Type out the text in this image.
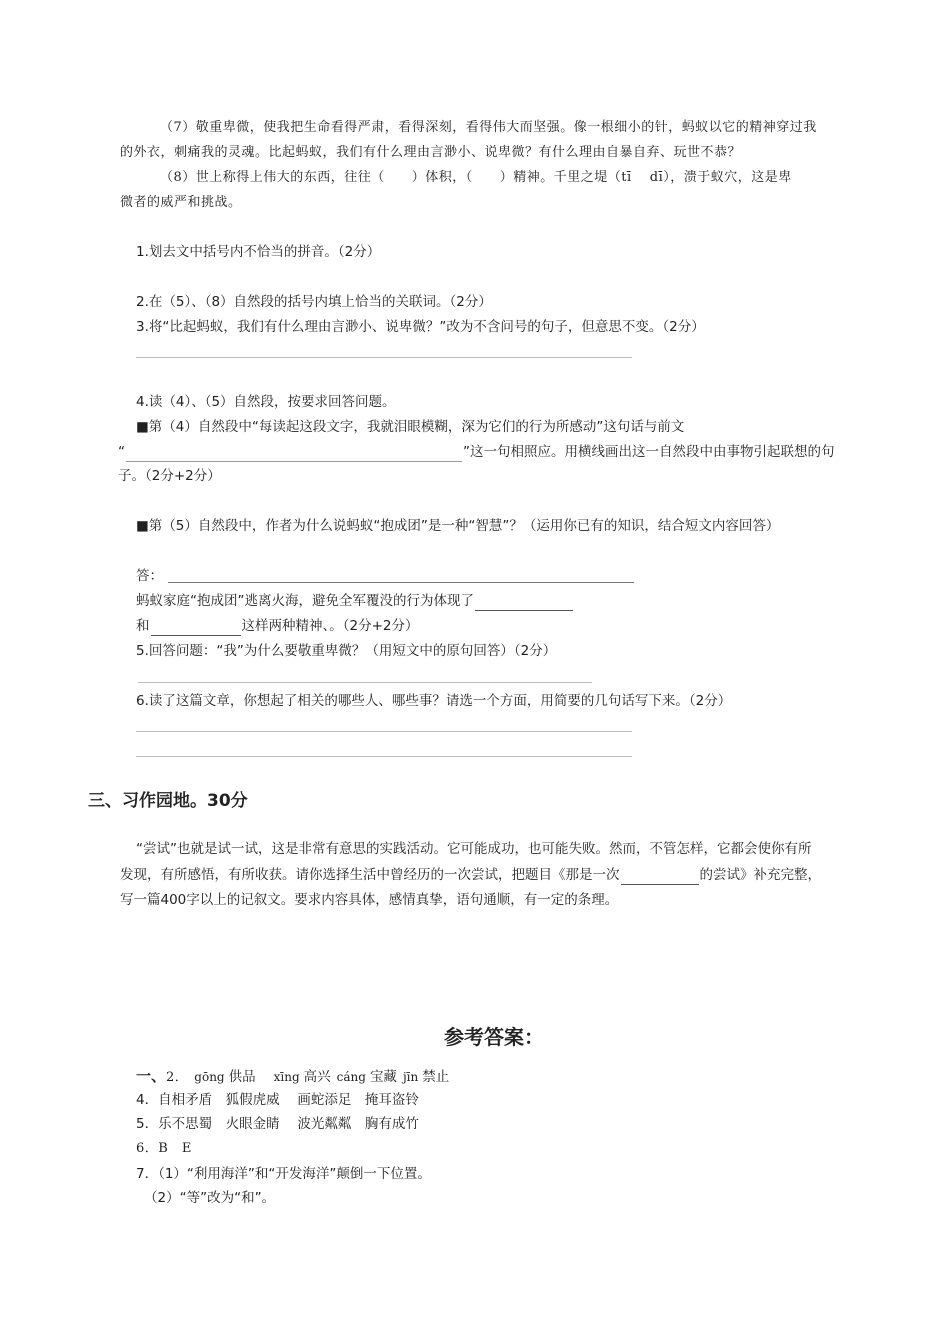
（7）敬重卑微，使我把生命看得严肃，看得深刻，看得伟大而坚强。像一根细小的针，蚂蚁以它的精神穿过我
的外衣，刺痛我的灵魂。比起蚂蚁，我们有什么理由言渺小、说卑微？有什么理由自暴自弃、玩世不恭？
（8）世上称得上伟大的东西，往往（　　）体积，（　　）精神。千里之堤（tī　 dī），溃于蚁穴，这是卑
微者的威严和挑战。
1.划去文中括号内不恰当的拼音。（2分）
2.在（5）、（8）自然段的括号内填上恰当的关联词。（2分）
3.将“比起蚂蚁，我们有什么理由言渺小、说卑微？”改为不含问号的句子，但意思不变。（2分）
4.读（4）、（5）自然段，按要求回答问题。
■第（4）自然段中“每读起这段文字，我就泪眼模糊，深为它们的行为所感动”这句话与前文
“	”这一句相照应。用横线画出这一自然段中由事物引起联想的句
子。（2分+2分）
■第（5）自然段中，作者为什么说蚂蚁“抱成团”是一种“智慧”？（运用你已有的知识，结合短文内容回答）
答：
蚂蚁家庭“抱成团”逃离火海，避免全军覆没的行为体现了
和	这样两种精神、。（2分+2分）
5.回答问题：“我”为什么要敬重卑微？（用短文中的原句回答）（2分）
6.读了这篇文章，你想起了相关的哪些人、哪些事？请选一个方面，用简要的几句话写下来。（2分）
三、习作园地。30分
“尝试”也就是试一试，这是非常有意思的实践活动。它可能成功，也可能失败。然而，不管怎样，它都会使你有所
发现，有所感悟，有所收获。请你选择生活中曾经历的一次尝试，把题目《那是一次	的尝试》补充完整，
写一篇400字以上的记叙文。要求内容具体，感情真挚，语句通顺，有一定的条理。
参考答案：
一、2． gōng 供品 xīng 高兴 cáng 宝藏 jīn 禁止
4．自相矛盾　狐假虎威　 画蛇添足　掩耳盗铃
5．乐不思蜀　火眼金睛　 波光粼粼　胸有成竹
6．B　E
7．（1）“利用海洋”和“开发海洋”颠倒一下位置。
（2）“等”改为“和”。
